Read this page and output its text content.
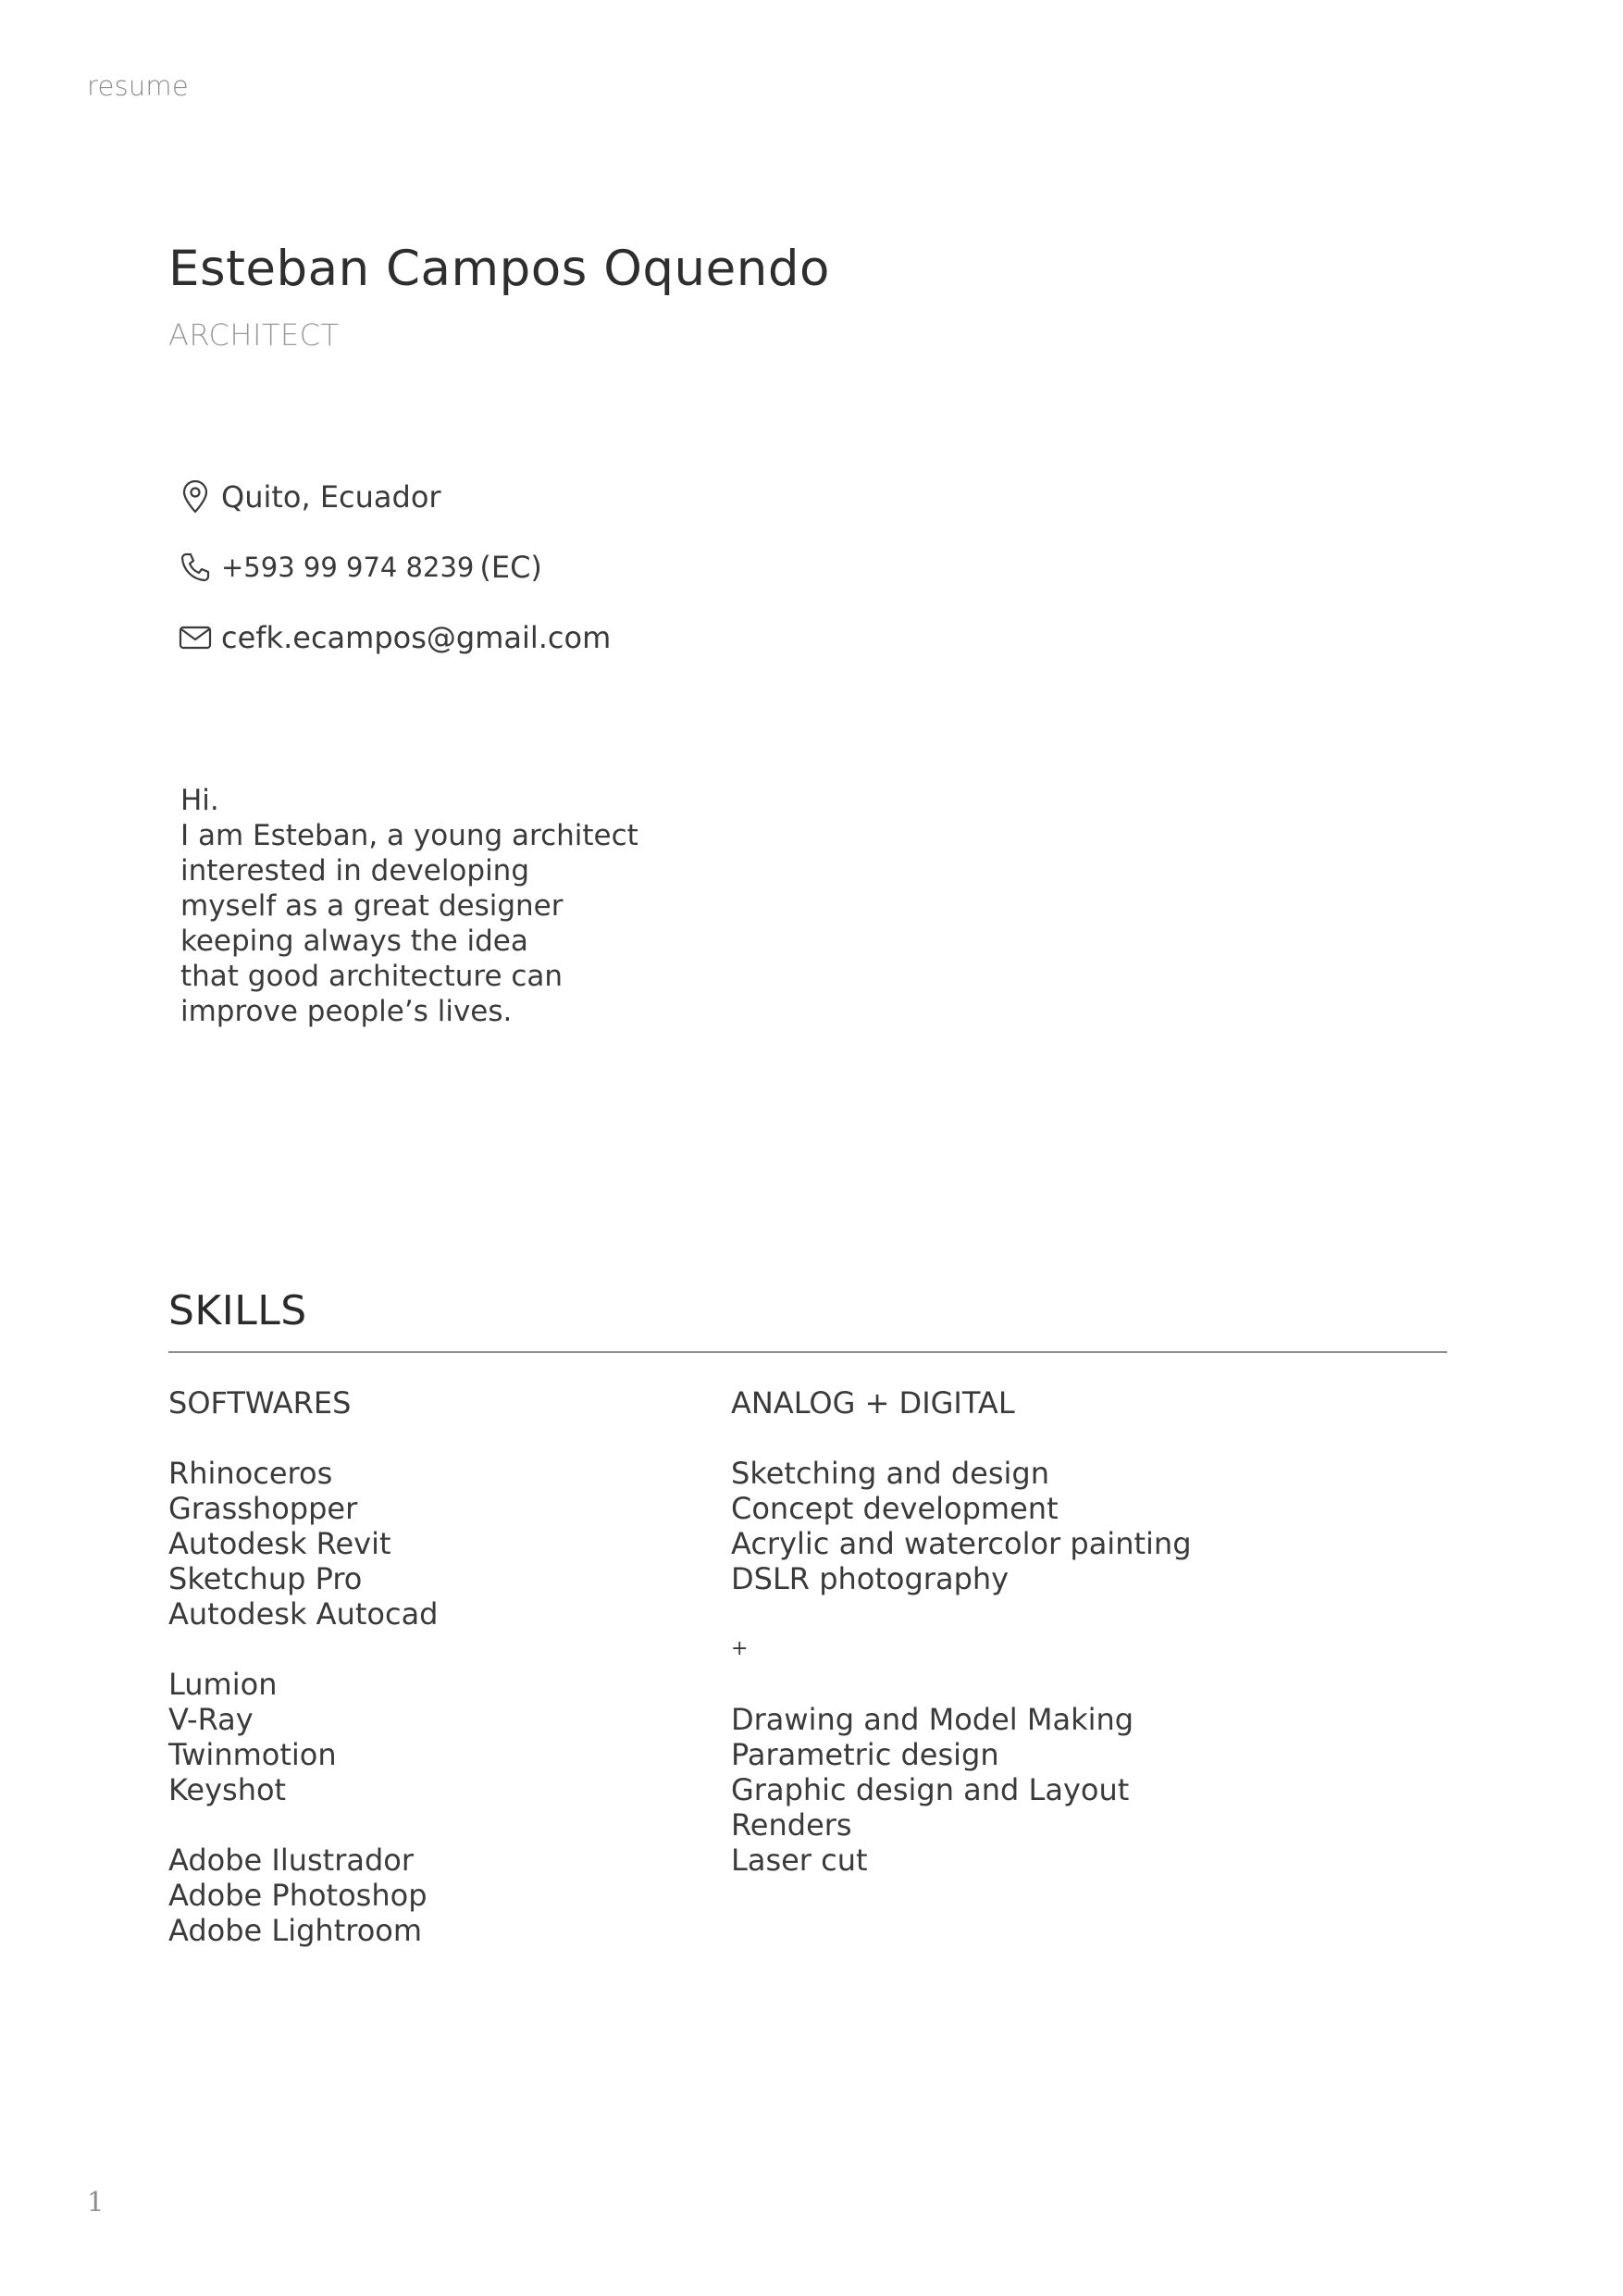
resume
Esteban Campos Oquendo
ARCHITECT
Quito, Ecuador
+593 99 974 8239 (EC)
cefk.ecampos@gmail.com
Hi.
I am Esteban, a young architect
interested in developing
myself as a great designer
keeping always the idea
that good architecture can
improve people’s lives.
SKILLS
SOFTWARES
Rhinoceros
Grasshopper
Autodesk Revit
Sketchup Pro
Autodesk Autocad
Lumion
V-Ray
Twinmotion
Keyshot
Adobe Ilustrador
Adobe Photoshop
Adobe Lightroom
ANALOG + DIGITAL
Sketching and design
Concept development
Acrylic and watercolor painting
DSLR photography
+
Drawing and Model Making
Parametric design
Graphic design and Layout
Renders
Laser cut
1
